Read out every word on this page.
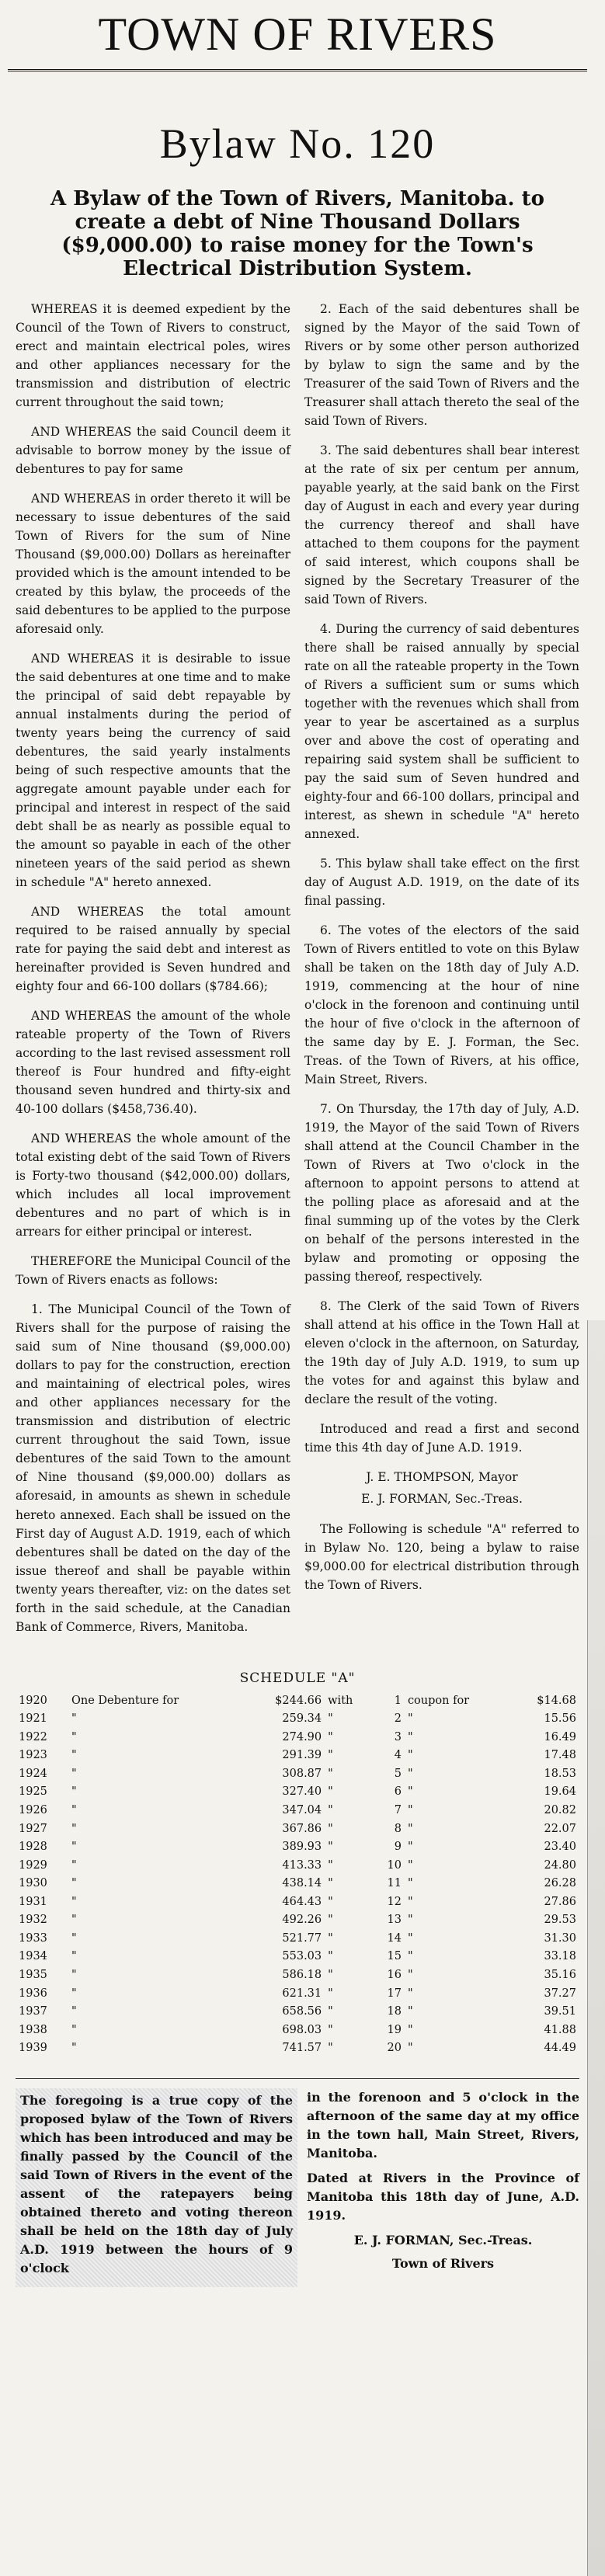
TOWN OF RIVERS
Bylaw No. 120
A Bylaw of the Town of Rivers, Manitoba. to create a debt of Nine Thousand Dollars ($9,000.00) to raise money for the Town's Electrical Distribution System.

WHEREAS it is deemed expedient by the Council of the Town of Rivers to construct, erect and maintain electrical poles, wires and other appliances necessary for the transmission and distribution of electric current throughout the said town;

AND WHEREAS the said Council deem it advisable to borrow money by the issue of debentures to pay for same

AND WHEREAS in order thereto it will be necessary to issue debentures of the said Town of Rivers for the sum of Nine Thousand ($9,000.00) Dollars as hereinafter provided which is the amount intended to be created by this bylaw, the proceeds of the said debentures to be applied to the purpose aforesaid only.

AND WHEREAS it is desirable to issue the said debentures at one time and to make the principal of said debt repayable by annual instalments during the period of twenty years being the currency of said debentures, the said yearly instalments being of such respective amounts that the aggregate amount payable under each for principal and interest in respect of the said debt shall be as nearly as possible equal to the amount so payable in each of the other nineteen years of the said period as shewn in schedule "A" hereto annexed.

AND WHEREAS the total amount required to be raised annually by special rate for paying the said debt and interest as hereinafter provided is Seven hundred and eighty four and 66-100 dollars ($784.66);

AND WHEREAS the amount of the whole rateable property of the Town of Rivers according to the last revised assessment roll thereof is Four hundred and fifty-eight thousand seven hundred and thirty-six and 40-100 dollars ($458,736.40).

AND WHEREAS the whole amount of the total existing debt of the said Town of Rivers is Forty-two thousand ($42,000.00) dollars, which includes all local improvement debentures and no part of which is in arrears for either principal or interest.

THEREFORE the Municipal Council of the Town of Rivers enacts as follows:

1. The Municipal Council of the Town of Rivers shall for the purpose of raising the said sum of Nine thousand ($9,000.00) dollars to pay for the construction, erection and maintaining of electrical poles, wires and other appliances necessary for the transmission and distribution of electric current throughout the said Town, issue debentures of the said Town to the amount of Nine thousand ($9,000.00) dollars as aforesaid, in amounts as shewn in schedule hereto annexed. Each shall be issued on the First day of August A.D. 1919, each of which debentures shall be dated on the day of the issue thereof and shall be payable within twenty years thereafter, viz: on the dates set forth in the said schedule, at the Canadian Bank of Commerce, Rivers, Manitoba.

2. Each of the said debentures shall be signed by the Mayor of the said Town of Rivers or by some other person authorized by bylaw to sign the same and by the Treasurer of the said Town of Rivers and the Treasurer shall attach thereto the seal of the said Town of Rivers.

3. The said debentures shall bear interest at the rate of six per centum per annum, payable yearly, at the said bank on the First day of August in each and every year during the currency thereof and shall have attached to them coupons for the payment of said interest, which coupons shall be signed by the Secretary Treasurer of the said Town of Rivers.

4. During the currency of said debentures there shall be raised annually by special rate on all the rateable property in the Town of Rivers a sufficient sum or sums which together with the revenues which shall from year to year be ascertained as a surplus over and above the cost of operating and repairing said system shall be sufficient to pay the said sum of Seven hundred and eighty-four and 66-100 dollars, principal and interest, as shewn in schedule "A" hereto annexed.

5. This bylaw shall take effect on the first day of August A.D. 1919, on the date of its final passing.

6. The votes of the electors of the said Town of Rivers entitled to vote on this Bylaw shall be taken on the 18th day of July A.D. 1919, commencing at the hour of nine o'clock in the forenoon and continuing until the hour of five o'clock in the afternoon of the same day by E. J. Forman, the Sec. Treas. of the Town of Rivers, at his office, Main Street, Rivers.

7. On Thursday, the 17th day of July, A.D. 1919, the Mayor of the said Town of Rivers shall attend at the Council Chamber in the Town of Rivers at Two o'clock in the afternoon to appoint persons to attend at the polling place as aforesaid and at the final summing up of the votes by the Clerk on behalf of the persons interested in the bylaw and promoting or opposing the passing thereof, respectively.

8. The Clerk of the said Town of Rivers shall attend at his office in the Town Hall at eleven o'clock in the afternoon, on Saturday, the 19th day of July A.D. 1919, to sum up the votes for and against this bylaw and declare the result of the voting.

Introduced and read a first and second time this 4th day of June A.D. 1919.

J. E. THOMPSON, Mayor

E. J. FORMAN, Sec.-Treas.

The Following is schedule "A" referred to in Bylaw No. 120, being a bylaw to raise $9,000.00 for electrical distribution through the Town of Rivers.

SCHEDULE "A"
1920	One Debenture for	$244.66	with	1	coupon for	$14.68
1921	"	259.34	"	2	"	15.56
1922	"	274.90	"	3	"	16.49
1923	"	291.39	"	4	"	17.48
1924	"	308.87	"	5	"	18.53
1925	"	327.40	"	6	"	19.64
1926	"	347.04	"	7	"	20.82
1927	"	367.86	"	8	"	22.07
1928	"	389.93	"	9	"	23.40
1929	"	413.33	"	10	"	24.80
1930	"	438.14	"	11	"	26.28
1931	"	464.43	"	12	"	27.86
1932	"	492.26	"	13	"	29.53
1933	"	521.77	"	14	"	31.30
1934	"	553.03	"	15	"	33.18
1935	"	586.18	"	16	"	35.16
1936	"	621.31	"	17	"	37.27
1937	"	658.56	"	18	"	39.51
1938	"	698.03	"	19	"	41.88
1939	"	741.57	"	20	"	44.49

The foregoing is a true copy of the proposed bylaw of the Town of Rivers which has been introduced and may be finally passed by the Council of the said Town of Rivers in the event of the assent of the ratepayers being obtained thereto and voting thereon shall be held on the 18th day of July A.D. 1919 between the hours of 9 o'clock

in the forenoon and 5 o'clock in the afternoon of the same day at my office in the town hall, Main Street, Rivers, Manitoba.

Dated at Rivers in the Province of Manitoba this 18th day of June, A.D. 1919.

E. J. FORMAN, Sec.-Treas.
Town of Rivers
